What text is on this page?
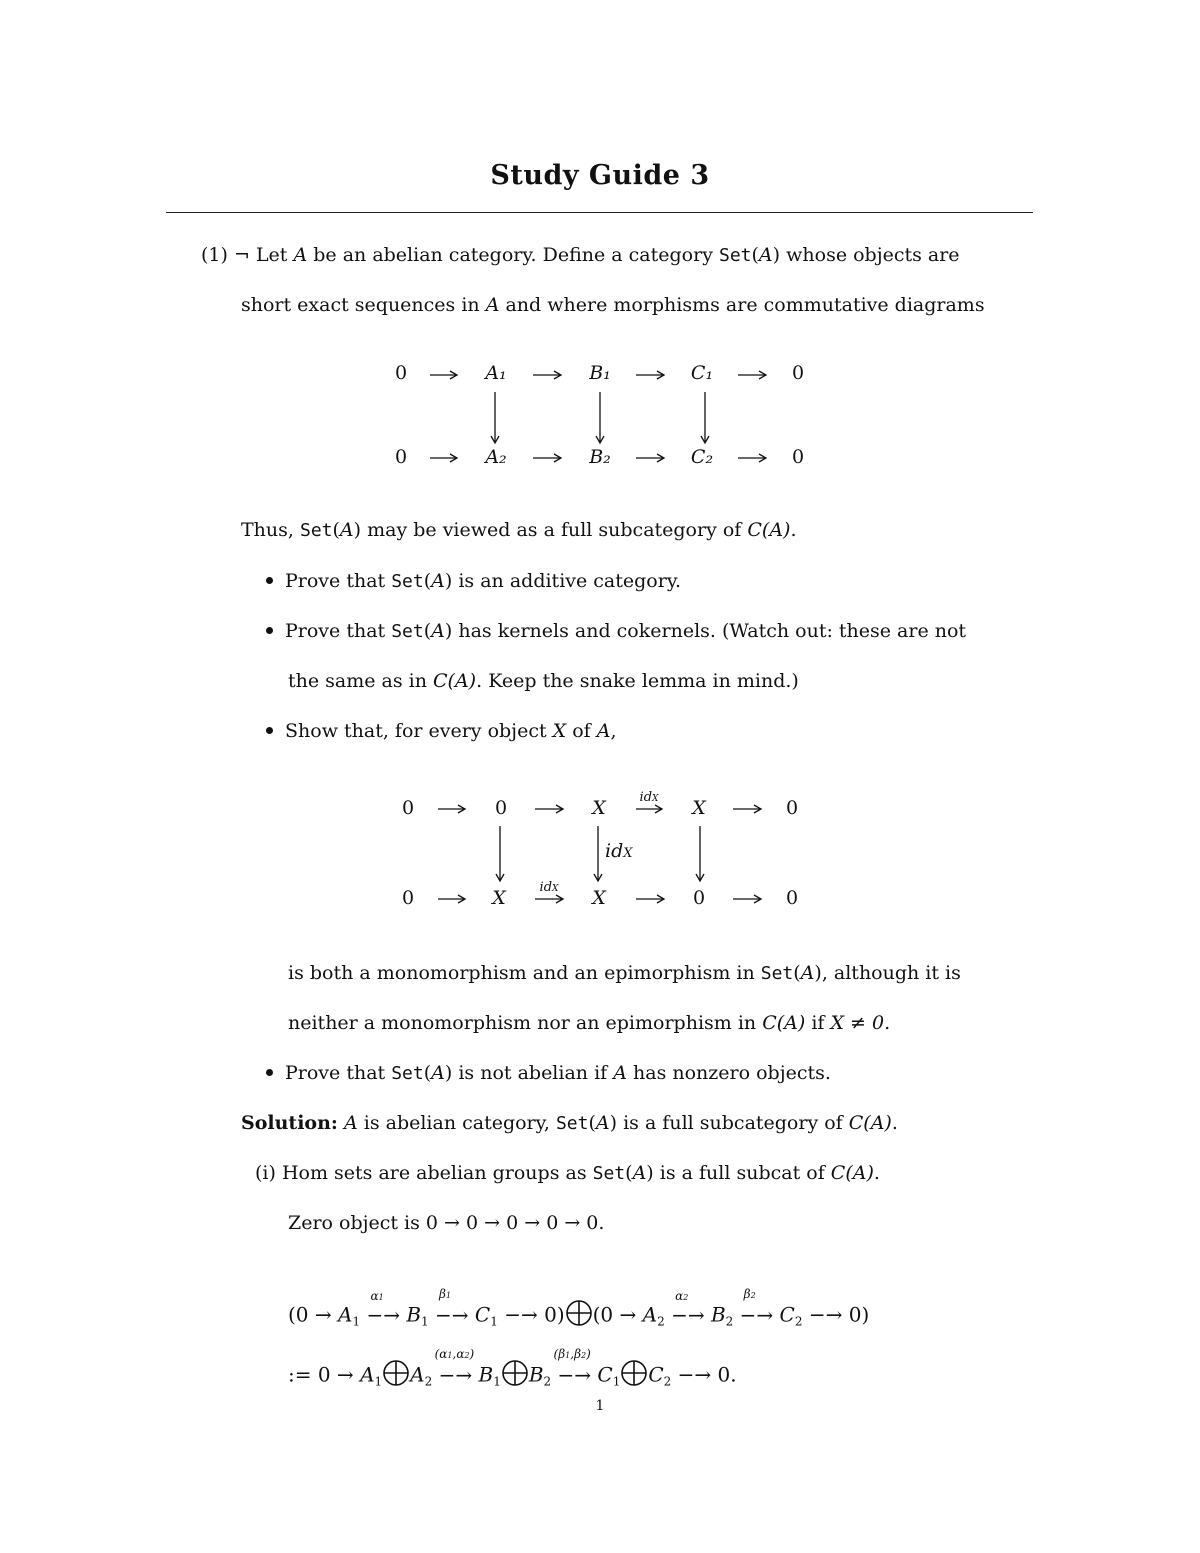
Study Guide 3
(1) ¬ Let A be an abelian category. Define a category Set(A) whose objects are
short exact sequences in A and where morphisms are commutative diagrams
0	A₁	B₁	C₁	0
0	A₂	B₂	C₂	0
Thus, Set(A) may be viewed as a full subcategory of C(A).
Prove that Set(A) is an additive category.
Prove that Set(A) has kernels and cokernels. (Watch out: these are not
the same as in C(A). Keep the snake lemma in mind.)
Show that, for every object X of A,
idX
idX
idX
0	0	X	X	0
0	X	X	0	0
is both a monomorphism and an epimorphism in Set(A), although it is
neither a monomorphism nor an epimorphism in C(A) if X ≠ 0.
Prove that Set(A) is not abelian if A has nonzero objects.
Solution: A is abelian category, Set(A) is a full subcategory of C(A).
(i) Hom sets are abelian groups as Set(A) is a full subcat of C(A).
Zero object is 0 → 0 → 0 → 0 → 0.
($0 \to A_1$
α1
−→ $B_1$
β1
−→ $C_1 -\to 0$) ($0 \to A_2$
α2
−→ $B_2$
β2
−→ $C_2 -\to 0$)
:= $0 \to A_1$ $A_2$
(α1,α2)
−→ $B_1$ $B_2$
(β1,β2)
−→ $C_1$ $C_2 -\to 0$.
1
